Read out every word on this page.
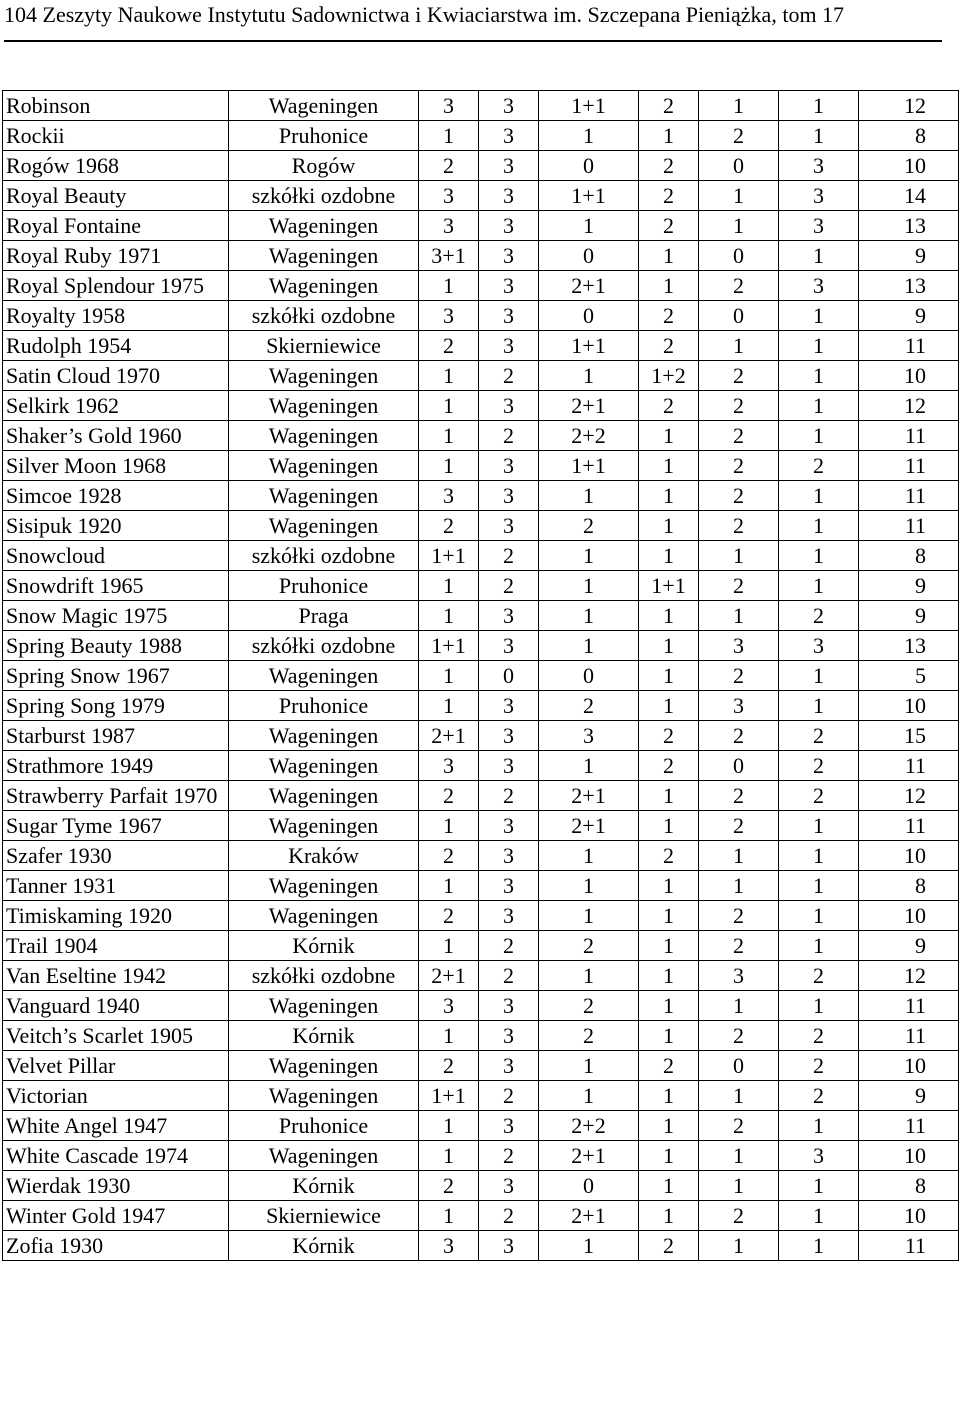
104 Zeszyty Naukowe Instytutu Sadownictwa i Kwiaciarstwa im. Szczepana Pieniążka, tom 17
Robinson	Wageningen	3	3	1+1	2	1	1	12
Rockii	Pruhonice	1	3	1	1	2	1	8
Rogów 1968	Rogów	2	3	0	2	0	3	10
Royal Beauty	szkółki ozdobne	3	3	1+1	2	1	3	14
Royal Fontaine	Wageningen	3	3	1	2	1	3	13
Royal Ruby 1971	Wageningen	3+1	3	0	1	0	1	9
Royal Splendour 1975	Wageningen	1	3	2+1	1	2	3	13
Royalty 1958	szkółki ozdobne	3	3	0	2	0	1	9
Rudolph 1954	Skierniewice	2	3	1+1	2	1	1	11
Satin Cloud 1970	Wageningen	1	2	1	1+2	2	1	10
Selkirk 1962	Wageningen	1	3	2+1	2	2	1	12
Shaker’s Gold 1960	Wageningen	1	2	2+2	1	2	1	11
Silver Moon 1968	Wageningen	1	3	1+1	1	2	2	11
Simcoe 1928	Wageningen	3	3	1	1	2	1	11
Sisipuk 1920	Wageningen	2	3	2	1	2	1	11
Snowcloud	szkółki ozdobne	1+1	2	1	1	1	1	8
Snowdrift 1965	Pruhonice	1	2	1	1+1	2	1	9
Snow Magic 1975	Praga	1	3	1	1	1	2	9
Spring Beauty 1988	szkółki ozdobne	1+1	3	1	1	3	3	13
Spring Snow 1967	Wageningen	1	0	0	1	2	1	5
Spring Song 1979	Pruhonice	1	3	2	1	3	1	10
Starburst 1987	Wageningen	2+1	3	3	2	2	2	15
Strathmore 1949	Wageningen	3	3	1	2	0	2	11
Strawberry Parfait 1970	Wageningen	2	2	2+1	1	2	2	12
Sugar Tyme 1967	Wageningen	1	3	2+1	1	2	1	11
Szafer 1930	Kraków	2	3	1	2	1	1	10
Tanner 1931	Wageningen	1	3	1	1	1	1	8
Timiskaming 1920	Wageningen	2	3	1	1	2	1	10
Trail 1904	Kórnik	1	2	2	1	2	1	9
Van Eseltine 1942	szkółki ozdobne	2+1	2	1	1	3	2	12
Vanguard 1940	Wageningen	3	3	2	1	1	1	11
Veitch’s Scarlet 1905	Kórnik	1	3	2	1	2	2	11
Velvet Pillar	Wageningen	2	3	1	2	0	2	10
Victorian	Wageningen	1+1	2	1	1	1	2	9
White Angel 1947	Pruhonice	1	3	2+2	1	2	1	11
White Cascade 1974	Wageningen	1	2	2+1	1	1	3	10
Wierdak 1930	Kórnik	2	3	0	1	1	1	8
Winter Gold 1947	Skierniewice	1	2	2+1	1	2	1	10
Zofia 1930	Kórnik	3	3	1	2	1	1	11
